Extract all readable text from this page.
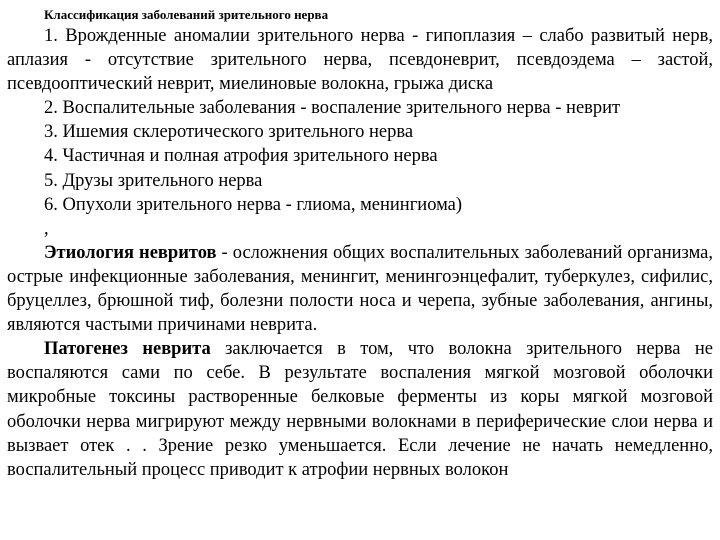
Классификация заболеваний зрительного нерва

1. Врожденные аномалии зрительного нерва - гипоплазия – слабо развитый нерв, аплазия - отсутствие зрительного нерва, псевдоневрит, псевдоэдема – застой, псевдооптический неврит, миелиновые волокна, грыжа диска

2. Воспалительные заболевания - воспаление зрительного нерва - неврит

3. Ишемия склеротического зрительного нерва

4. Частичная и полная атрофия зрительного нерва

5. Друзы зрительного нерва

6. Опухоли зрительного нерва - глиома, менингиома)

,

Этиология невритов - осложнения общих воспалительных заболеваний организма, острые инфекционные заболевания, менингит, менингоэнцефалит, туберкулез, сифилис, бруцеллез, брюшной тиф, болезни полости носа и черепа, зубные заболевания, ангины, являются частыми причинами неврита.

Патогенез неврита заключается в том, что волокна зрительного нерва не воспаляются сами по себе. В результате воспаления мягкой мозговой оболочки микробные токсины растворенные белковые ферменты из коры мягкой мозговой оболочки нерва мигрируют между нервными волокнами в периферические слои нерва и вызвает отек . . Зрение резко уменьшается. Если лечение не начать немедленно, воспалительный процесс приводит к атрофии нервных волокон
